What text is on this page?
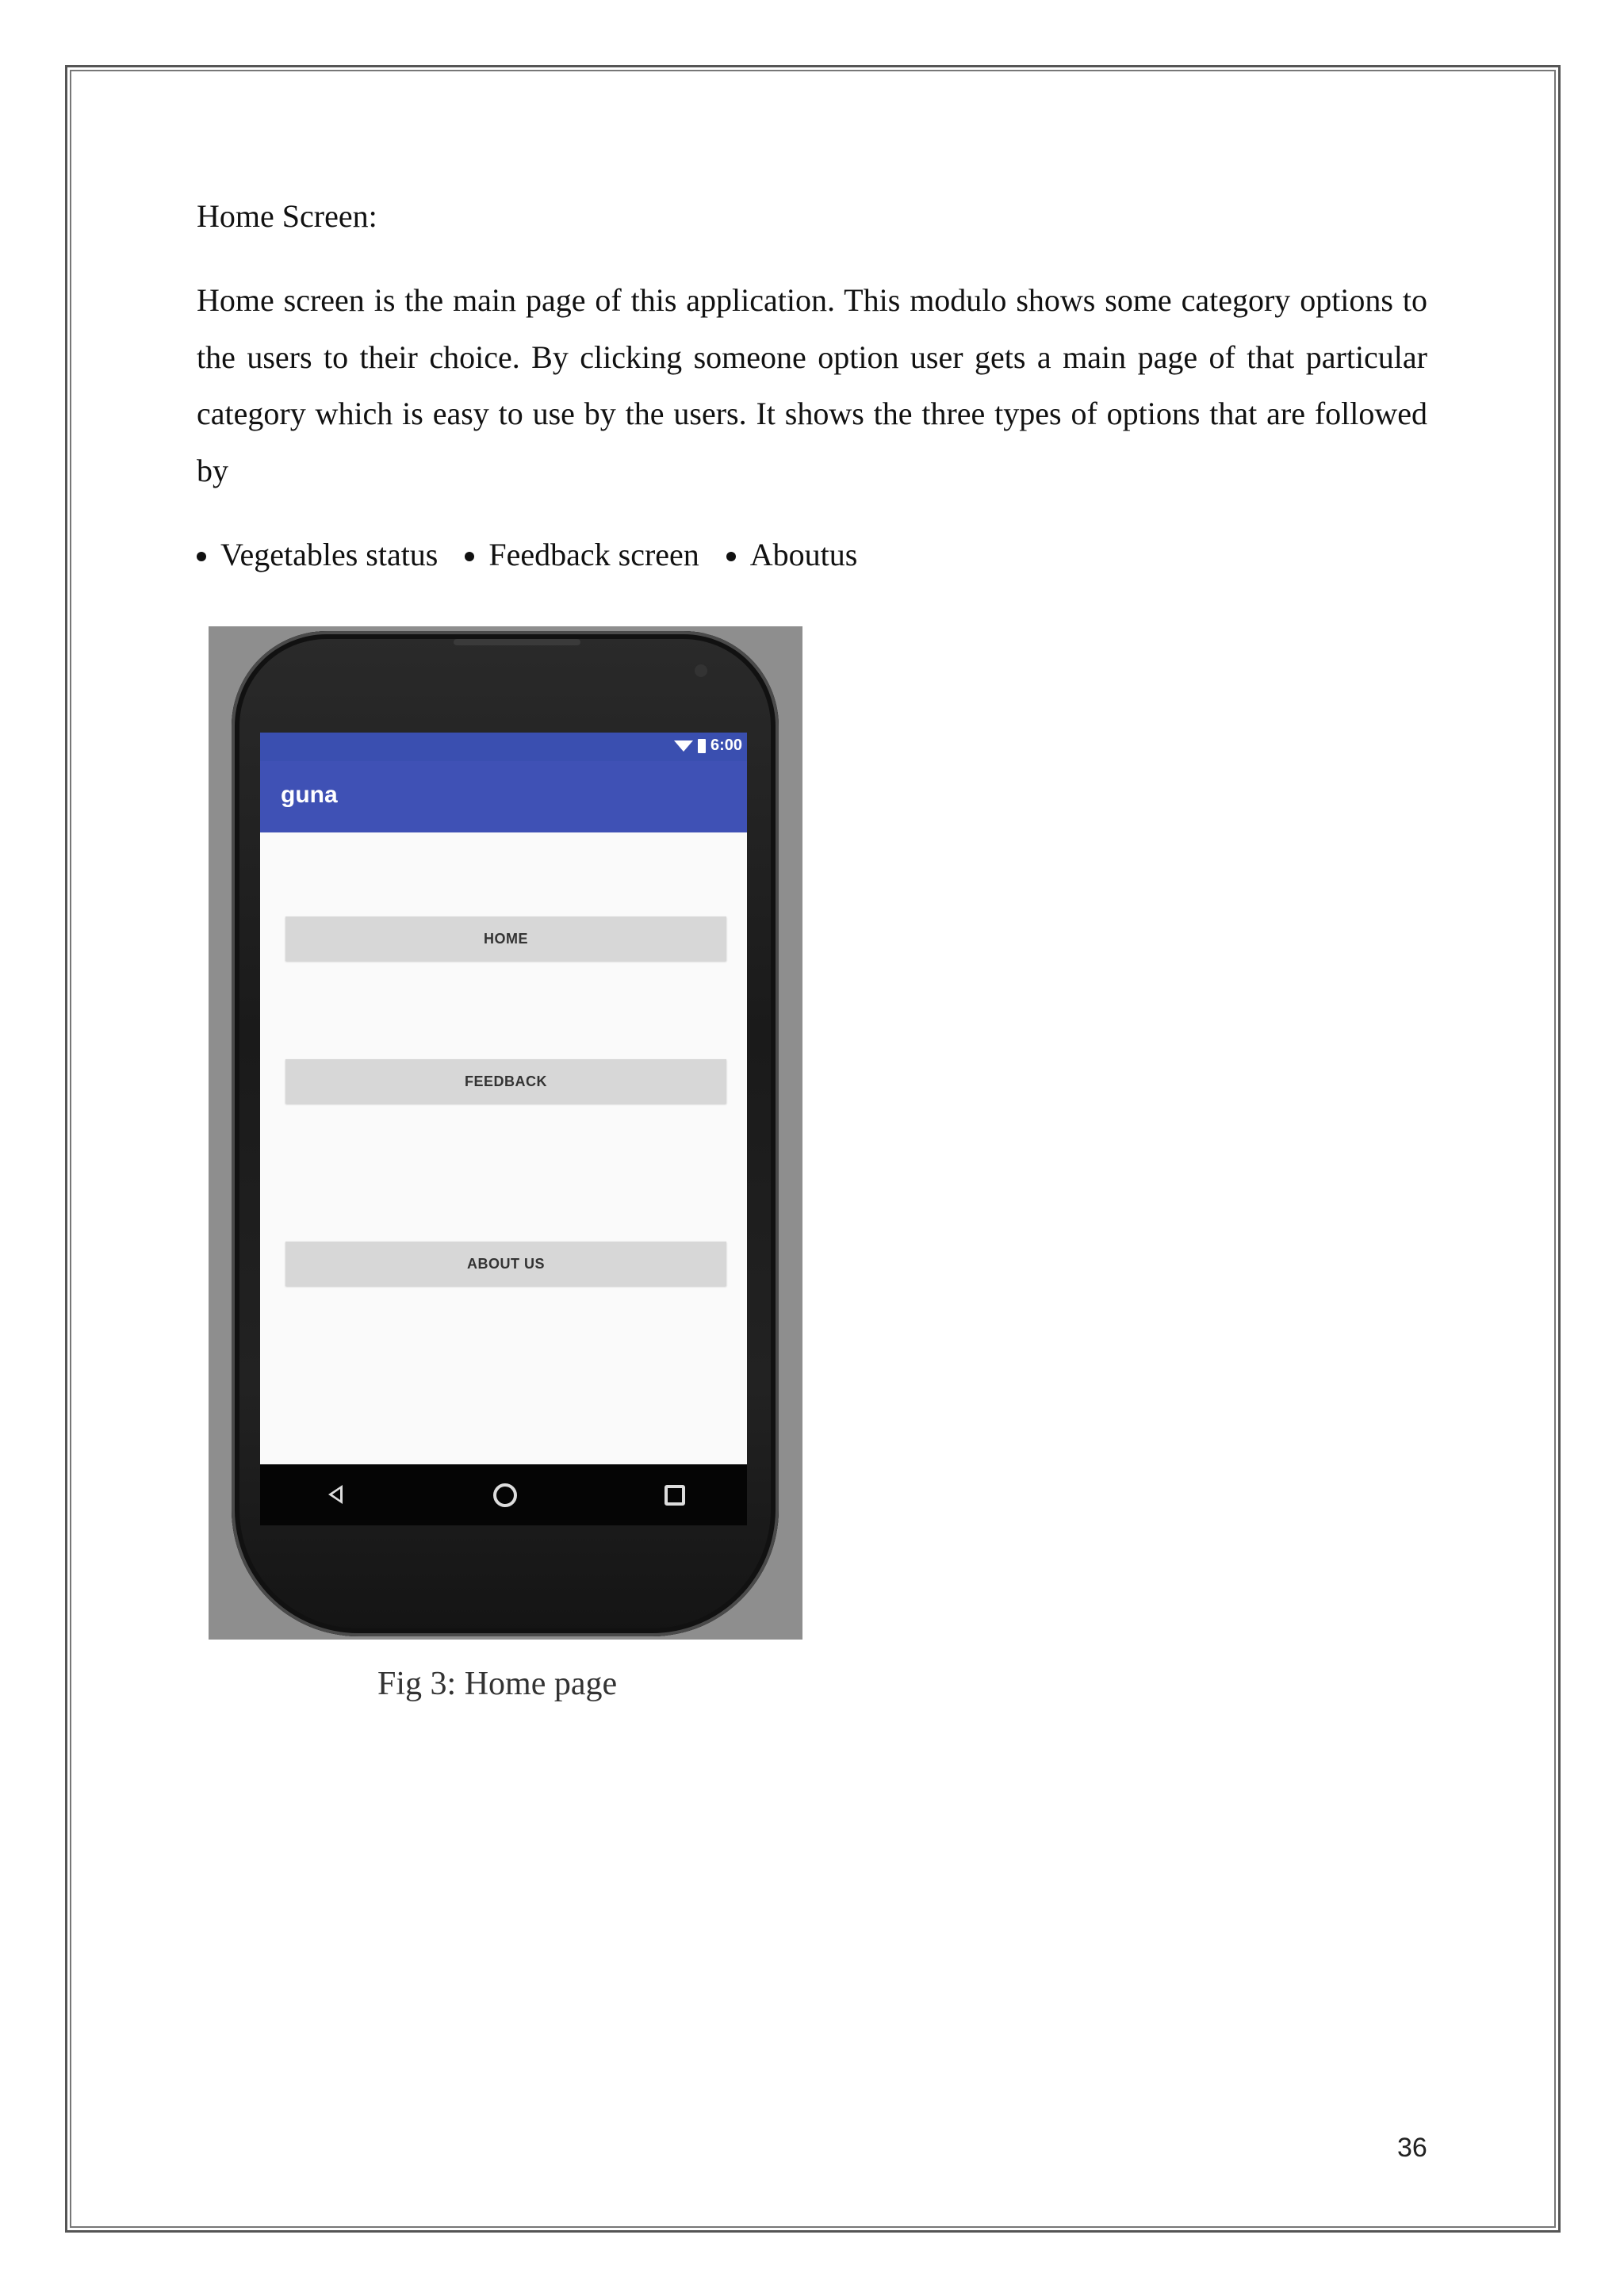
Home Screen:

Home screen is the main page of this application. This modulo shows some category options to the users to their choice. By clicking someone option user gets a main page of that particular category which is easy to use by the users. It shows the three types of options that are followed by

Vegetables status Feedback screen Aboutus
6:00
guna
HOME
FEEDBACK
ABOUT US
Fig 3: Home page
36
